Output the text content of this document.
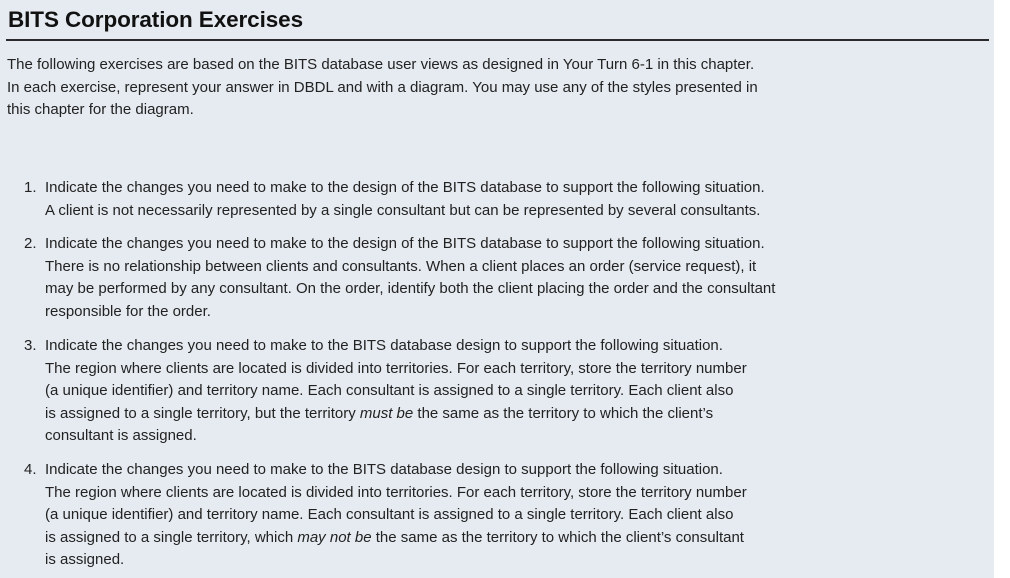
BITS Corporation Exercises

The following exercises are based on the BITS database user views as designed in Your Turn 6-1 in this chapter.
In each exercise, represent your answer in DBDL and with a diagram. You may use any of the styles presented in
this chapter for the diagram.

1. Indicate the changes you need to make to the design of the BITS database to support the following situation.
A client is not necessarily represented by a single consultant but can be represented by several consultants.
2. Indicate the changes you need to make to the design of the BITS database to support the following situation.
There is no relationship between clients and consultants. When a client places an order (service request), it
may be performed by any consultant. On the order, identify both the client placing the order and the consultant
responsible for the order.
3. Indicate the changes you need to make to the BITS database design to support the following situation.
The region where clients are located is divided into territories. For each territory, store the territory number
(a unique identifier) and territory name. Each consultant is assigned to a single territory. Each client also
is assigned to a single territory, but the territory must be the same as the territory to which the client’s
consultant is assigned.
4. Indicate the changes you need to make to the BITS database design to support the following situation.
The region where clients are located is divided into territories. For each territory, store the territory number
(a unique identifier) and territory name. Each consultant is assigned to a single territory. Each client also
is assigned to a single territory, which may not be the same as the territory to which the client’s consultant
is assigned.
